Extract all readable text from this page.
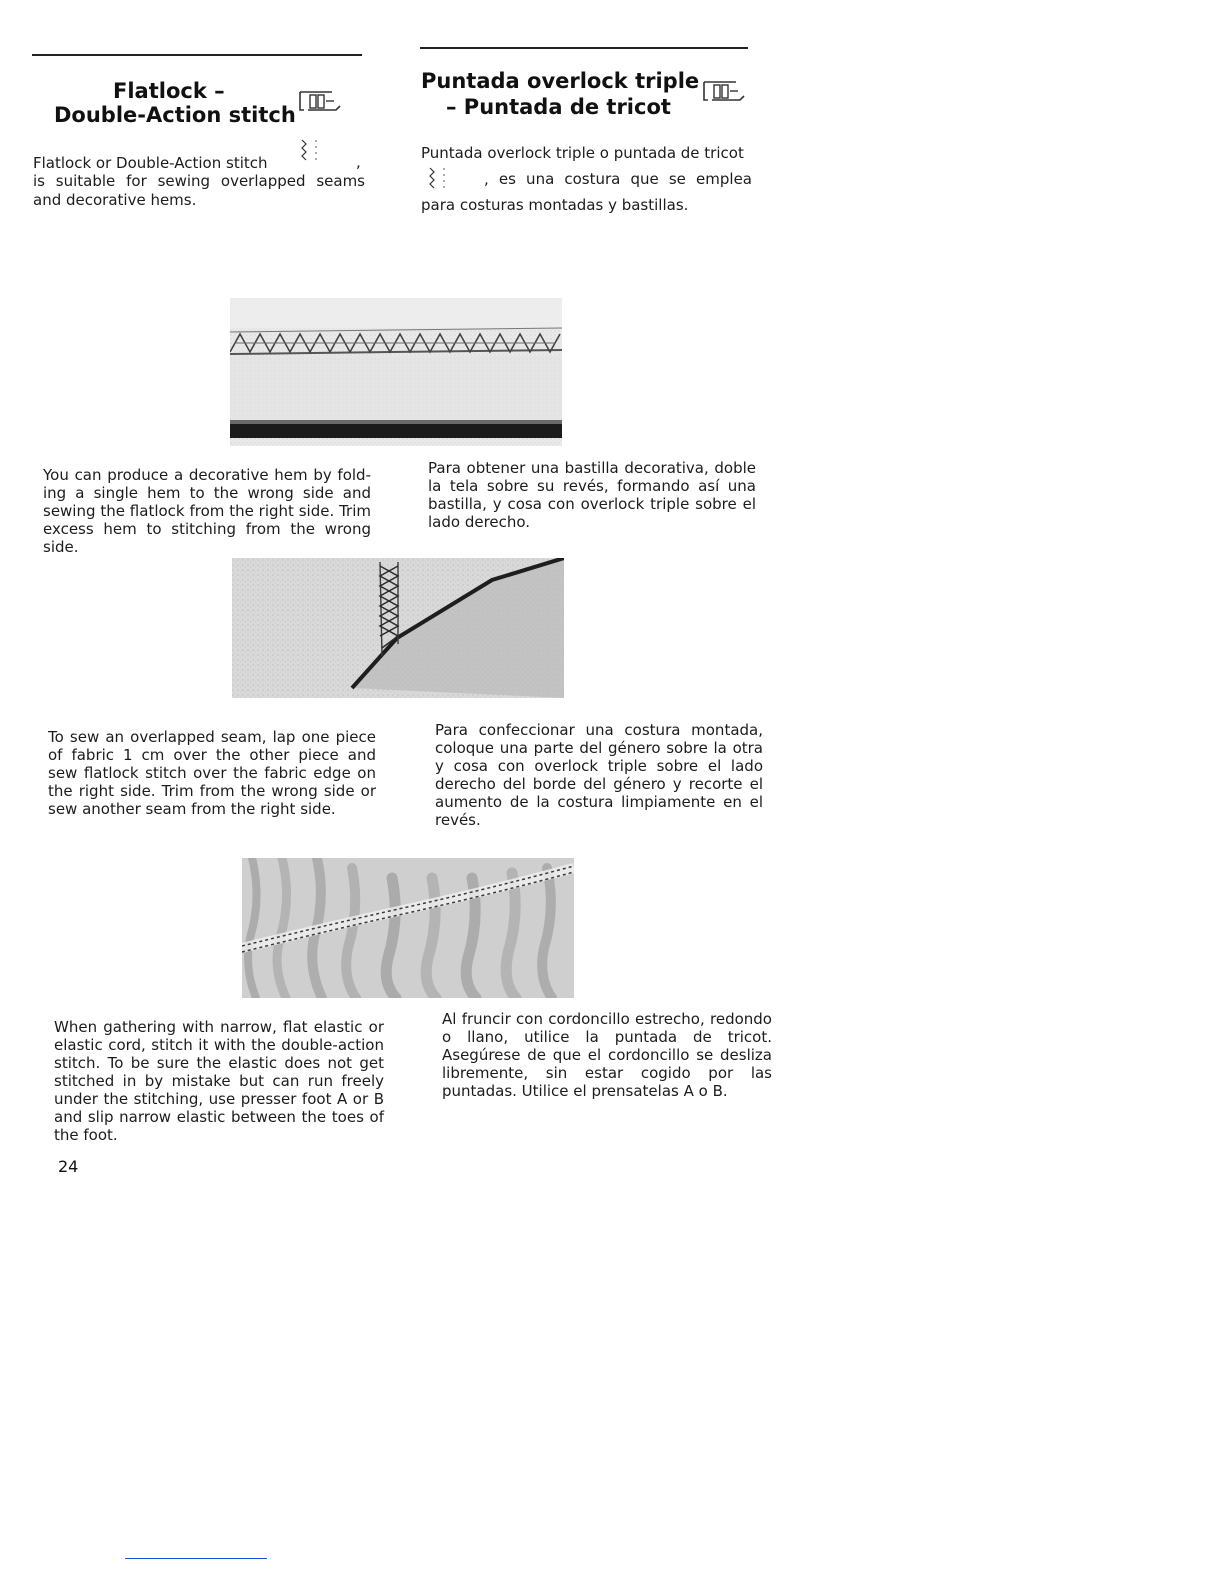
Flatlock –
Double-Action stitch
Flatlock or Double-Action stitch	,
is suitable for sewing overlapped seams
and decorative hems.
Puntada overlock triple
– Puntada de tricot
Puntada overlock triple o puntada de tricot
, es una costura que se emplea
para costuras montadas y bastillas.
You can produce a decorative hem by fold-ing a single hem to the wrong side and sewing the flatlock from the right side. Trim excess hem to stitching from the wrong side.
Para obtener una bastilla decorativa, doble la tela sobre su revés, formando así una bastilla, y cosa con overlock triple sobre el lado derecho.
To sew an overlapped seam, lap one piece of fabric 1 cm over the other piece and sew flatlock stitch over the fabric edge on the right side. Trim from the wrong side or sew another seam from the right side.
Para confeccionar una costura montada, coloque una parte del género sobre la otra y cosa con overlock triple sobre el lado derecho del borde del género y recorte el aumento de la costura limpiamente en el revés.
When gathering with narrow, flat elastic or elastic cord, stitch it with the double-action stitch. To be sure the elastic does not get stitched in by mistake but can run freely under the stitching, use presser foot A or B and slip narrow elastic between the toes of the foot.
Al fruncir con cordoncillo estrecho, redondo o llano, utilice la puntada de tricot. Asegúrese de que el cordoncillo se desliza libremente, sin estar cogido por las puntadas. Utilice el prensatelas A o B.
24
